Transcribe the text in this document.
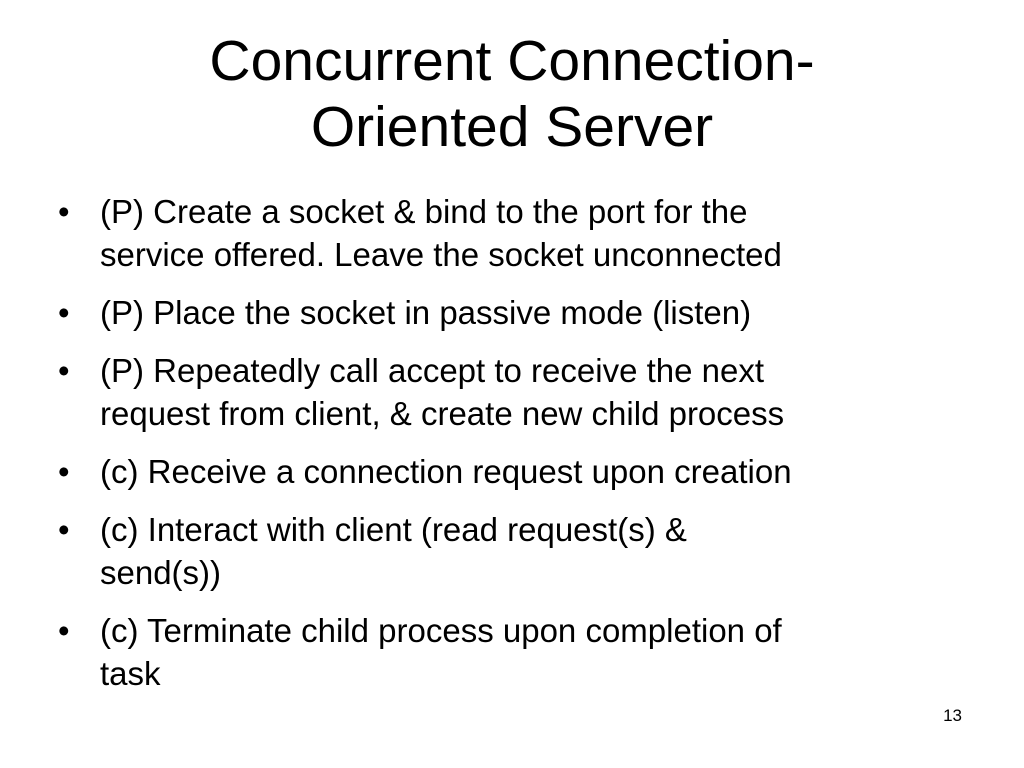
Concurrent Connection-
Oriented Server
• (P) Create a socket & bind to the port for the
service offered. Leave the socket unconnected
• (P) Place the socket in passive mode (listen)
• (P) Repeatedly call accept to receive the next
request from client, & create new child process
• (c) Receive a connection request upon creation
• (c) Interact with client (read request(s) &
send(s))
• (c) Terminate child process upon completion of
task
13
